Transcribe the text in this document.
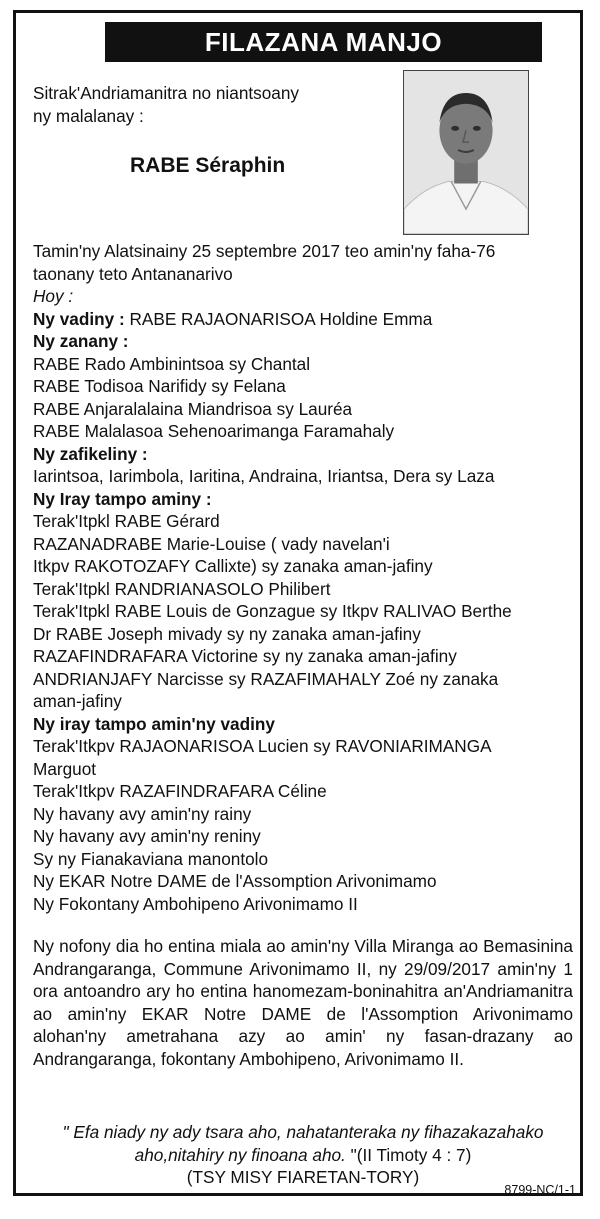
FILAZANA MANJO
Sitrak'Andriamanitra no niantsoany
ny malalanay :
RABE Séraphin
Tamin'ny Alatsinainy 25 septembre 2017 teo amin'ny faha-76
taonany teto Antananarivo
Hoy :
Ny vadiny : RABE RAJAONARISOA Holdine Emma
Ny zanany :
RABE Rado Ambinintsoa sy Chantal
RABE Todisoa Narifidy sy Felana
RABE Anjaralalaina Miandrisoa sy Lauréa
RABE Malalasoa Sehenoarimanga Faramahaly
Ny zafikeliny :
Iarintsoa, Iarimbola, Iaritina, Andraina, Iriantsa, Dera sy Laza
Ny Iray tampo aminy :
Terak'Itpkl RABE Gérard
RAZANADRABE Marie-Louise ( vady navelan'i
Itkpv RAKOTOZAFY Callixte) sy zanaka aman-jafiny
Terak'Itpkl RANDRIANASOLO Philibert
Terak'Itpkl RABE Louis de Gonzague sy Itkpv RALIVAO Berthe
Dr RABE Joseph mivady sy ny zanaka aman-jafiny
RAZAFINDRAFARA Victorine sy ny zanaka aman-jafiny
ANDRIANJAFY Narcisse sy RAZAFIMAHALY Zoé ny zanaka
aman-jafiny
Ny iray tampo amin'ny vadiny
Terak'Itkpv RAJAONARISOA Lucien sy RAVONIARIMANGA
Marguot
Terak'Itkpv RAZAFINDRAFARA Céline
Ny havany avy amin'ny rainy
Ny havany avy amin'ny reniny
Sy ny Fianakaviana manontolo
Ny EKAR Notre DAME de l'Assomption Arivonimamo
Ny Fokontany Ambohipeno Arivonimamo II
Ny nofony dia ho entina miala ao amin'ny Villa Miranga ao Bemasinina Andrangaranga, Commune Arivonimamo II, ny 29/09/2017 amin'ny 1 ora antoandro ary ho entina hanomezam-boninahitra an'Andriamanitra ao amin'ny EKAR Notre DAME de l'Assomption Arivonimamo alohan'ny ametrahana azy ao amin' ny fasan-drazany ao Andrangaranga, fokontany Ambohipeno, Arivonimamo II.
" Efa niady ny ady tsara aho, nahatanteraka ny fihazakazahako
aho,nitahiry ny finoana aho. "(II Timoty 4 : 7)
(TSY MISY FIARETAN-TORY)
8799-NC/1-1
